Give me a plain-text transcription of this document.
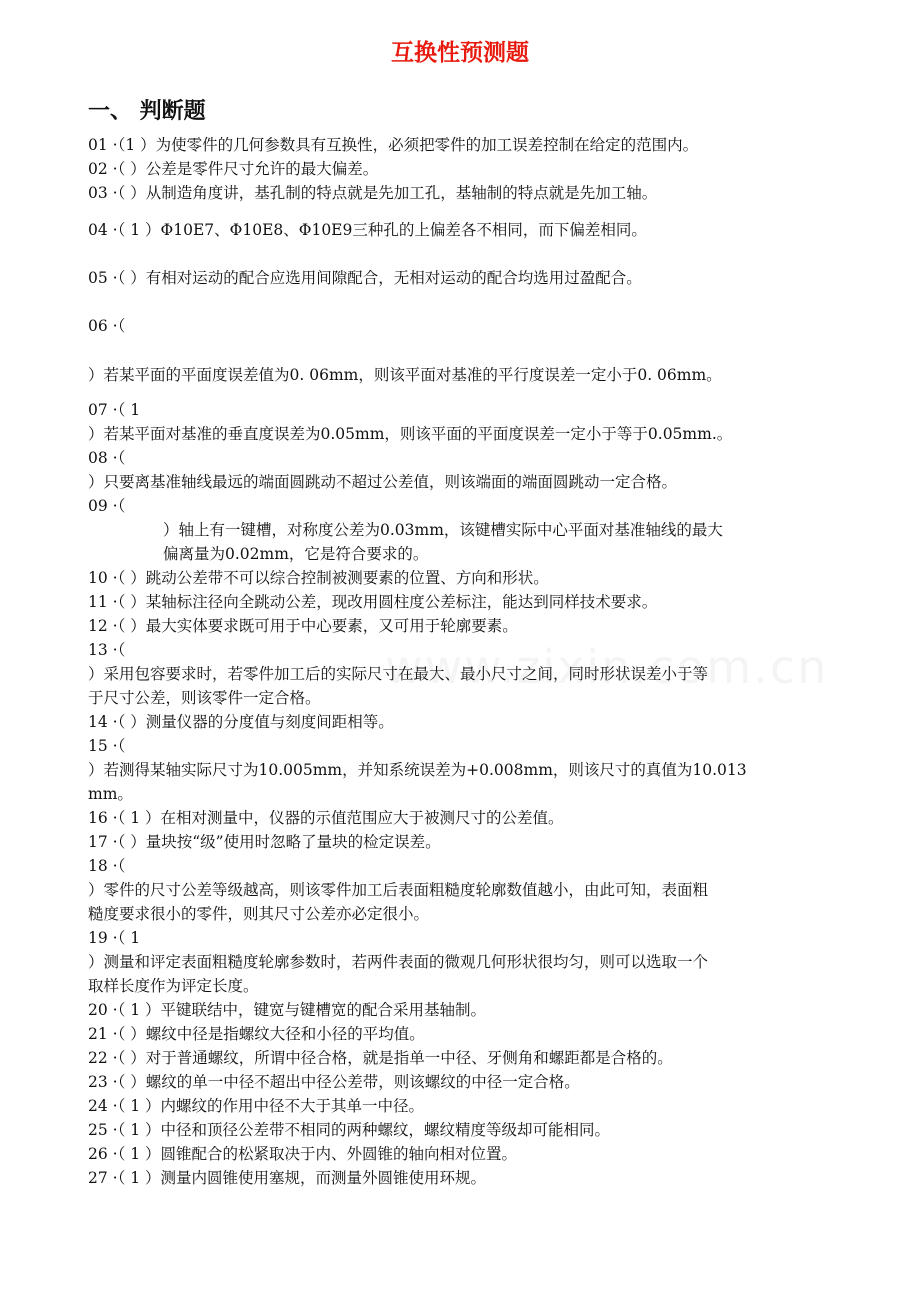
互换性预测题
一、 判断题
01 ·（1 ）为使零件的几何参数具有互换性，必须把零件的加工误差控制在给定的范围内。
02 ·（ ）公差是零件尺寸允许的最大偏差。
03 ·（ ）从制造角度讲，基孔制的特点就是先加工孔，基轴制的特点就是先加工轴。
04 ·（ 1 ）Φ10E7、Φ10E8、Φ10E9三种孔的上偏差各不相同，而下偏差相同。
05 ·（ ）有相对运动的配合应选用间隙配合，无相对运动的配合均选用过盈配合。
06 ·（
）若某平面的平面度误差值为0. 06mm，则该平面对基准的平行度误差一定小于0. 06mm。
07 ·（ 1
）若某平面对基准的垂直度误差为0.05mm，则该平面的平面度误差一定小于等于0.05mm.。
08 ·（
）只要离基准轴线最远的端面圆跳动不超过公差值，则该端面的端面圆跳动一定合格。
09 ·（
）轴上有一键槽，对称度公差为0.03mm，该键槽实际中心平面对基准轴线的最大
偏离量为0.02mm，它是符合要求的。
10 ·（ ）跳动公差带不可以综合控制被测要素的位置、方向和形状。
11 ·（ ）某轴标注径向全跳动公差，现改用圆柱度公差标注，能达到同样技术要求。
12 ·（ ）最大实体要求既可用于中心要素，又可用于轮廓要素。
13 ·（
）采用包容要求时，若零件加工后的实际尺寸在最大、最小尺寸之间，同时形状误差小于等
于尺寸公差，则该零件一定合格。
14 ·（ ）测量仪器的分度值与刻度间距相等。
15 ·（
）若测得某轴实际尺寸为10.005mm，并知系统误差为+0.008mm，则该尺寸的真值为10.013
mm。
16 ·（ 1 ）在相对测量中，仪器的示值范围应大于被测尺寸的公差值。
17 ·（ ）量块按“级”使用时忽略了量块的检定误差。
18 ·（
）零件的尺寸公差等级越高，则该零件加工后表面粗糙度轮廓数值越小，由此可知，表面粗
糙度要求很小的零件，则其尺寸公差亦必定很小。
19 ·（ 1
）测量和评定表面粗糙度轮廓参数时，若两件表面的微观几何形状很均匀，则可以选取一个
取样长度作为评定长度。
20 ·（ 1 ）平键联结中，键宽与键槽宽的配合采用基轴制。
21 ·（ ）螺纹中径是指螺纹大径和小径的平均值。
22 ·（ ）对于普通螺纹，所谓中径合格，就是指单一中径、牙侧角和螺距都是合格的。
23 ·（ ）螺纹的单一中径不超出中径公差带，则该螺纹的中径一定合格。
24 ·（ 1 ）内螺纹的作用中径不大于其单一中径。
25 ·（ 1 ）中径和顶径公差带不相同的两种螺纹，螺纹精度等级却可能相同。
26 ·（ 1 ）圆锥配合的松紧取决于内、外圆锥的轴向相对位置。
27 ·（ 1 ）测量内圆锥使用塞规，而测量外圆锥使用环规。
